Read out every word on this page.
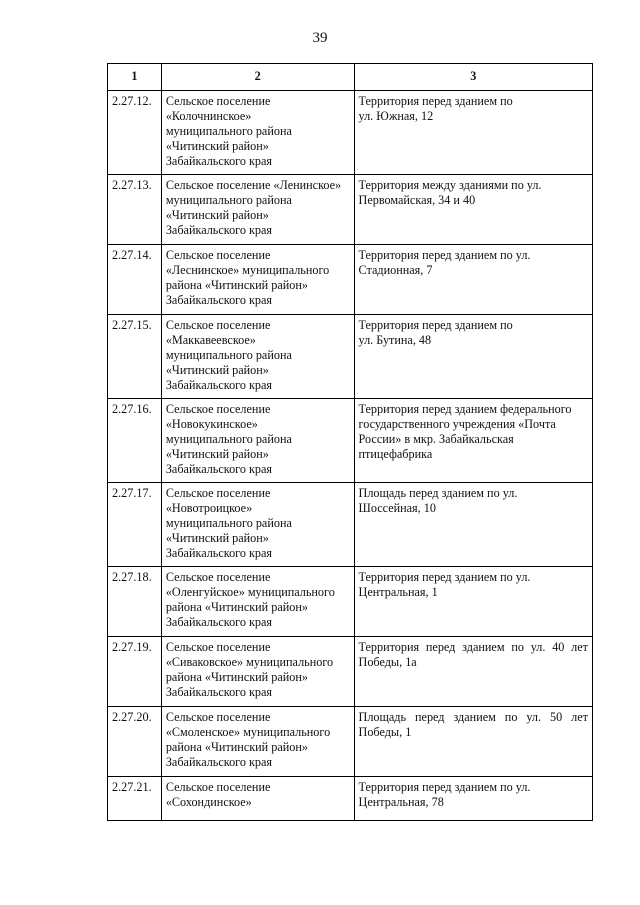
39
1	2	3
2.27.12.	Сельское поселение
«Колочнинское»
муниципального района
«Читинский район»
Забайкальского края	Территория перед зданием по
ул. Южная, 12

2.27.13.	Сельское поселение «Ленинское»
муниципального района
«Читинский район»
Забайкальского края	Территория между зданиями по ул.
Первомайская, 34 и 40

2.27.14.	Сельское поселение
«Леснинское» муниципального
района «Читинский район»
Забайкальского края	Территория перед зданием по ул.
Стадионная, 7

2.27.15.	Сельское поселение
«Маккавеевское»
муниципального района
«Читинский район»
Забайкальского края	Территория перед зданием по
ул. Бутина, 48

2.27.16.	Сельское поселение
«Новокукинское»
муниципального района
«Читинский район»
Забайкальского края	Территория перед зданием федерального
государственного учреждения «Почта
России» в мкр. Забайкальская
птицефабрика

2.27.17.	Сельское поселение
«Новотроицкое»
муниципального района
«Читинский район»
Забайкальского края	Площадь перед зданием по ул.
Шоссейная, 10

2.27.18.	Сельское поселение
«Оленгуйское» муниципального
района «Читинский район»
Забайкальского края	Территория перед зданием по ул.
Центральная, 1

2.27.19.	Сельское поселение
«Сиваковское» муниципального
района «Читинский район»
Забайкальского края	Территория перед зданием по ул. 40 лет
Победы, 1а

2.27.20.	Сельское поселение
«Смоленское» муниципального
района «Читинский район»
Забайкальского края	Площадь перед зданием по ул. 50 лет
Победы, 1

2.27.21.	Сельское поселение
«Сохондинское»	Территория перед зданием по ул.
Центральная, 78
